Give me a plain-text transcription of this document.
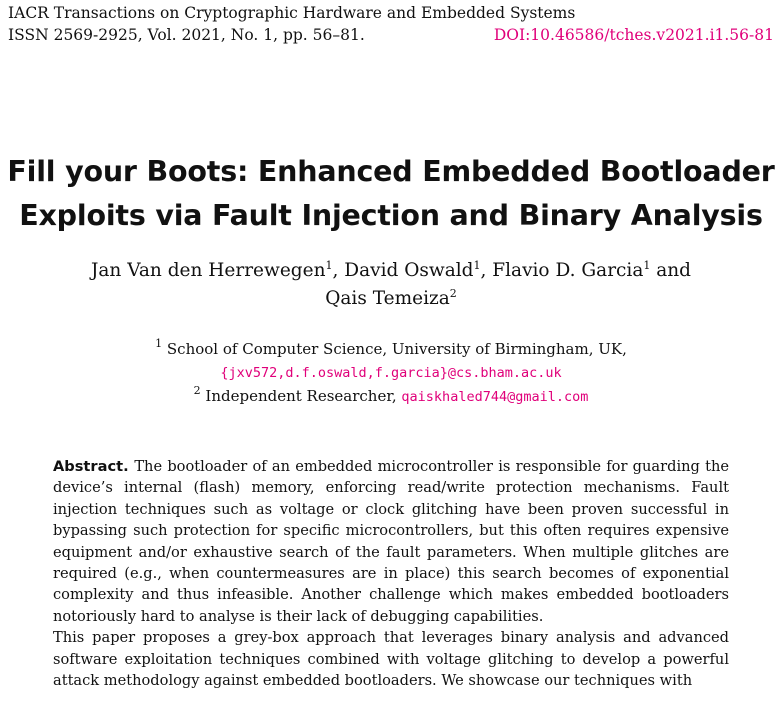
IACR Transactions on Cryptographic Hardware and Embedded Systems
ISSN 2569-2925, Vol. 2021, No. 1, pp. 56–81.	DOI:10.46586/tches.v2021.i1.56-81
Fill your Boots: Enhanced Embedded Bootloader
Exploits via Fault Injection and Binary Analysis
Jan Van den Herrewegen$^1$, David Oswald$^1$, Flavio D. Garcia$^1$ and
Qais Temeiza$^2$
$^1$ School of Computer Science, University of Birmingham, UK,
{jxv572,d.f.oswald,f.garcia}@cs.bham.ac.uk
$^2$ Independent Researcher, qaiskhaled744@gmail.com

Abstract. The bootloader of an embedded microcontroller is responsible for guarding the device’s internal (flash) memory, enforcing read/write protection mechanisms. Fault injection techniques such as voltage or clock glitching have been proven successful in bypassing such protection for specific microcontrollers, but this often requires expensive equipment and/or exhaustive search of the fault parameters. When multiple glitches are required (e.g., when countermeasures are in place) this search becomes of exponential complexity and thus infeasible. Another challenge which makes embedded bootloaders notoriously hard to analyse is their lack of debugging capabilities.

This paper proposes a grey-box approach that leverages binary analysis and advanced software exploitation techniques combined with voltage glitching to develop a powerful attack methodology against embedded bootloaders. We showcase our techniques with
